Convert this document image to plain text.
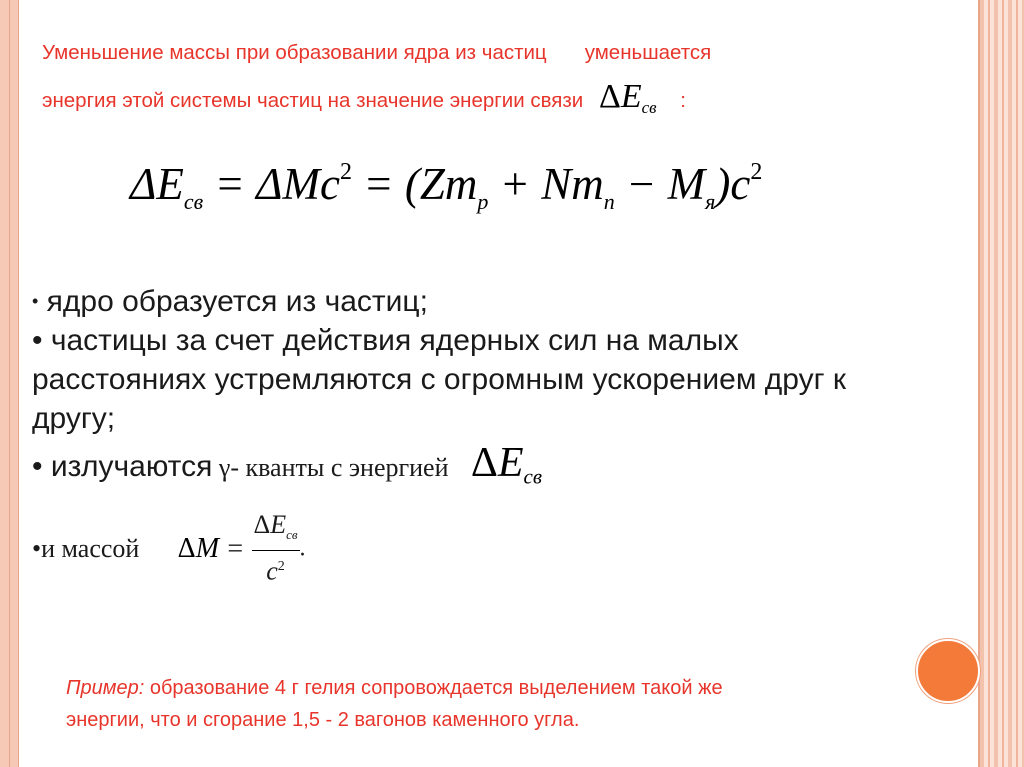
Уменьшение массы при образовании ядра из частиц уменьшается
энергия этой системы частиц на значение энергии связи $\Delta E_{св}$ :
$\Delta E_{св} = \Delta Mc^2 = (Zm_p + Nm_n - M_я)c^2$
• ядро образуется из частиц;
• частицы за счет действия ядерных сил на малых
расстояниях устремляются с огромным ускорением друг к
другу;
• излучаются γ- кванты с энергией $\Delta E_{св}$
•и массой $\Delta M = \frac{\Delta E_{св}}{c^2}$ .
Пример: образование 4 г гелия сопровождается выделением такой же
энергии, что и сгорание 1,5 - 2 вагонов каменного угла.
